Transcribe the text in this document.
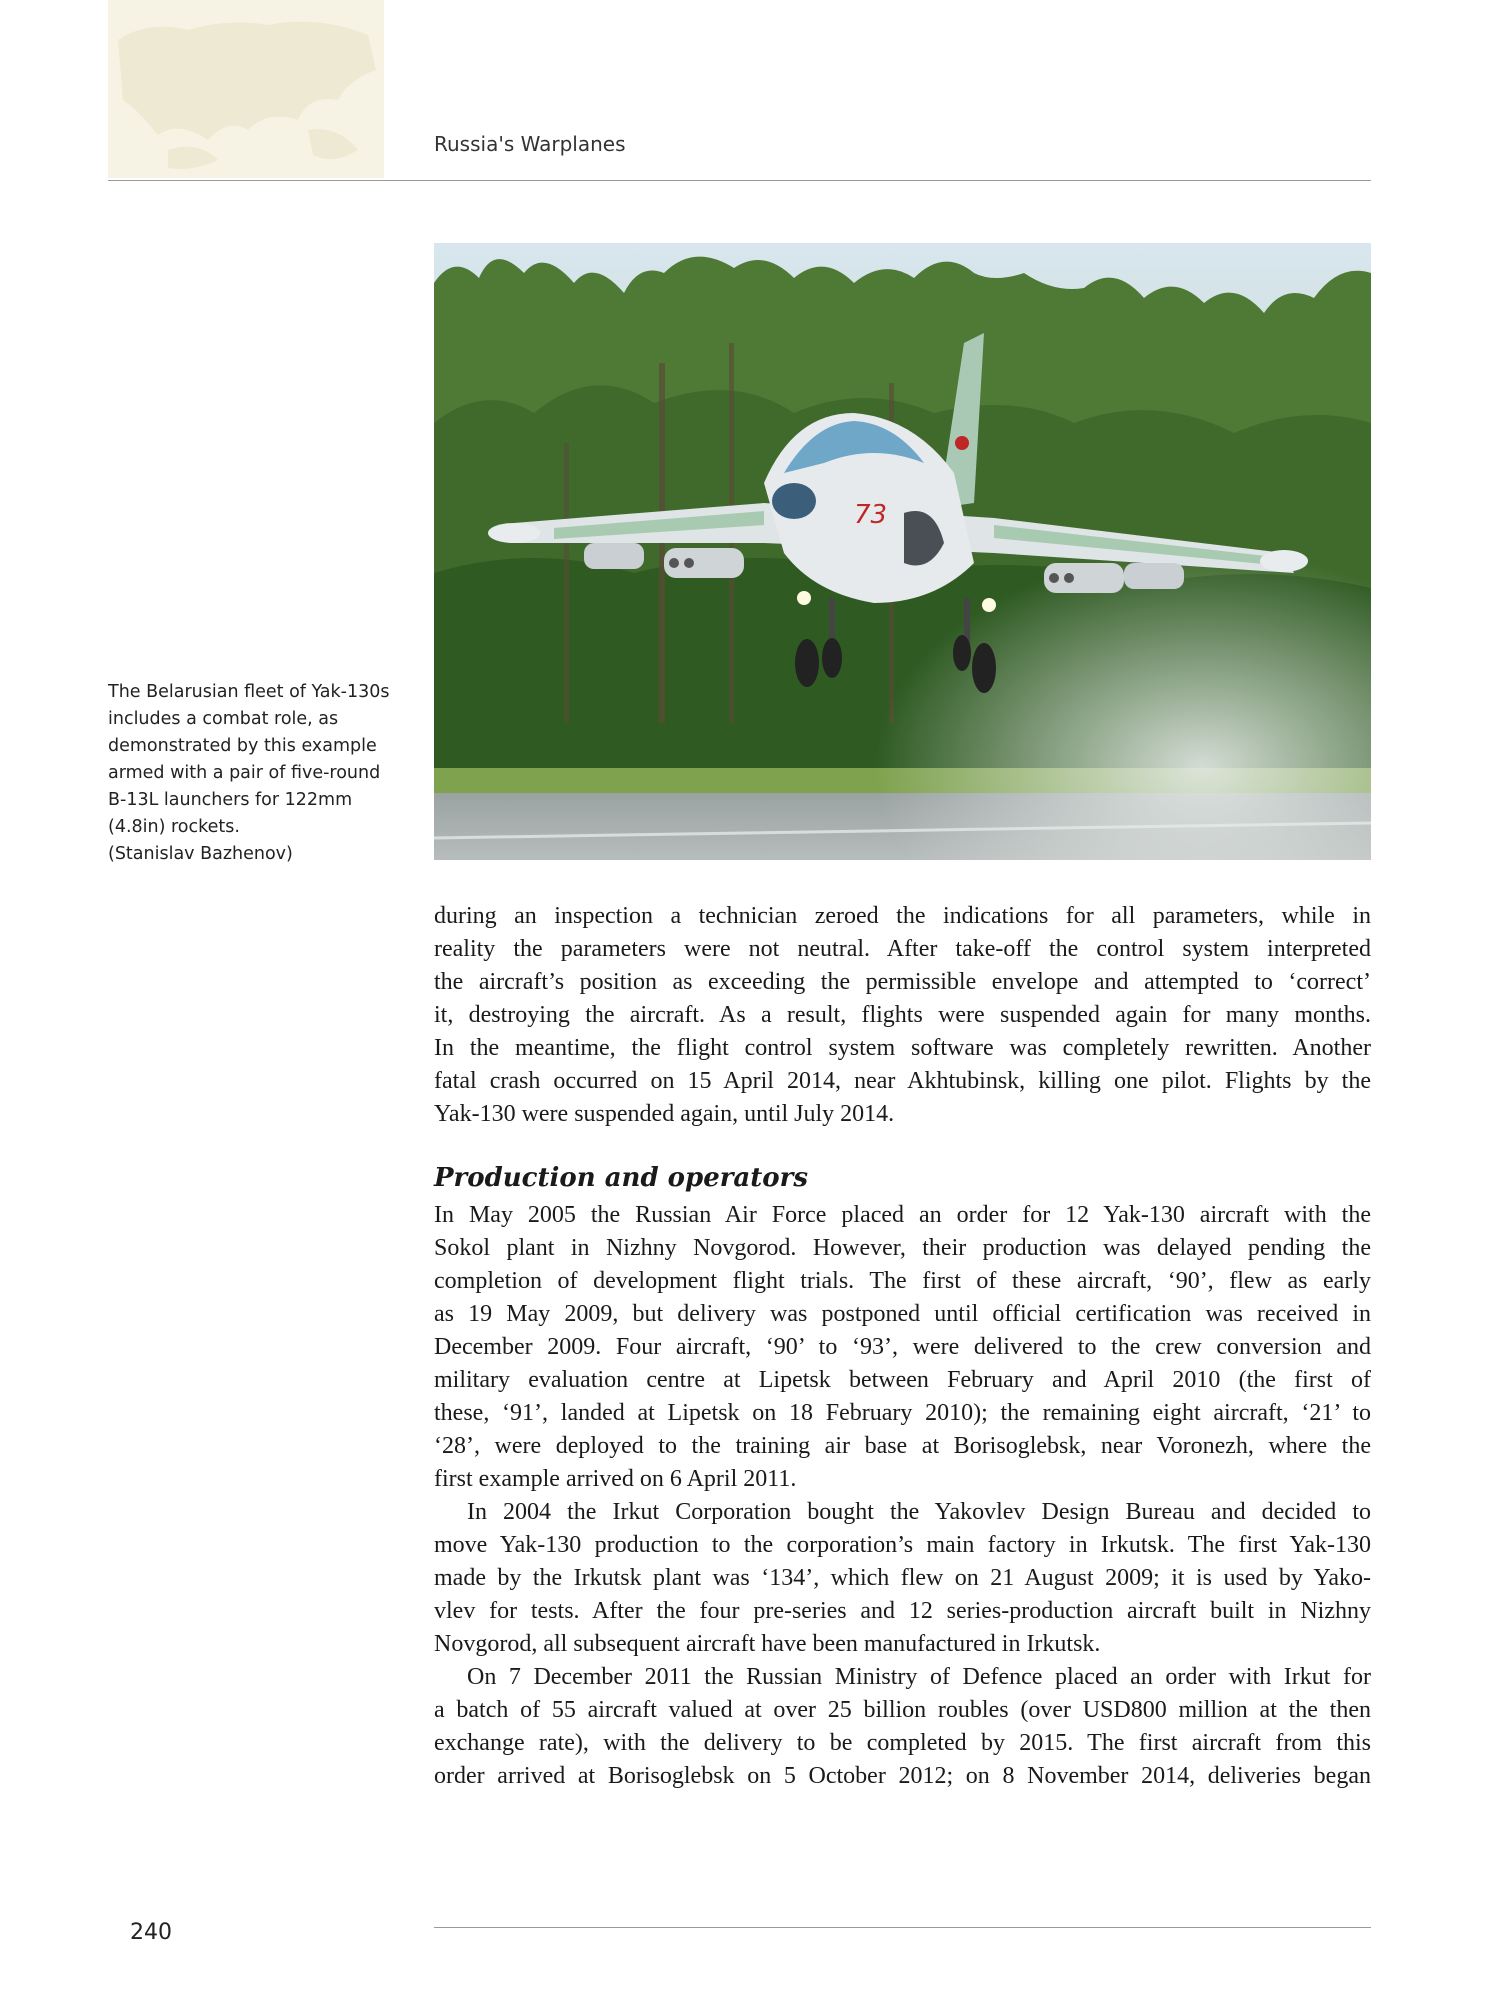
Russia's Warplanes
73
The Belarusian fleet of Yak-130s
includes a combat role, as
demonstrated by this example
armed with a pair of five-round
B-13L launchers for 122mm
(4.8in) rockets.
(Stanislav Bazhenov)
during an inspection a technician zeroed the indications for all parameters, while in
reality the parameters were not neutral. After take-off the control system interpreted
the aircraft’s position as exceeding the permissible envelope and attempted to ‘correct’
it, destroying the aircraft. As a result, flights were suspended again for many months.
In the meantime, the flight control system software was completely rewritten. Another
fatal crash occurred on 15 April 2014, near Akhtubinsk, killing one pilot. Flights by the
Yak-130 were suspended again, until July 2014.
Production and operators
In May 2005 the Russian Air Force placed an order for 12 Yak-130 aircraft with the
Sokol plant in Nizhny Novgorod. However, their production was delayed pending the
completion of development flight trials. The first of these aircraft, ‘90’, flew as early
as 19 May 2009, but delivery was postponed until official certification was received in
December 2009. Four aircraft, ‘90’ to ‘93’, were delivered to the crew conversion and
military evaluation centre at Lipetsk between February and April 2010 (the first of
these, ‘91’, landed at Lipetsk on 18 February 2010); the remaining eight aircraft, ‘21’ to
‘28’, were deployed to the training air base at Borisoglebsk, near Voronezh, where the
first example arrived on 6 April 2011.
In 2004 the Irkut Corporation bought the Yakovlev Design Bureau and decided to
move Yak-130 production to the corporation’s main factory in Irkutsk. The first Yak-130
made by the Irkutsk plant was ‘134’, which flew on 21 August 2009; it is used by Yako-
vlev for tests. After the four pre-series and 12 series-production aircraft built in Nizhny
Novgorod, all subsequent aircraft have been manufactured in Irkutsk.
On 7 December 2011 the Russian Ministry of Defence placed an order with Irkut for
a batch of 55 aircraft valued at over 25 billion roubles (over USD800 million at the then
exchange rate), with the delivery to be completed by 2015. The first aircraft from this
order arrived at Borisoglebsk on 5 October 2012; on 8 November 2014, deliveries began
240
